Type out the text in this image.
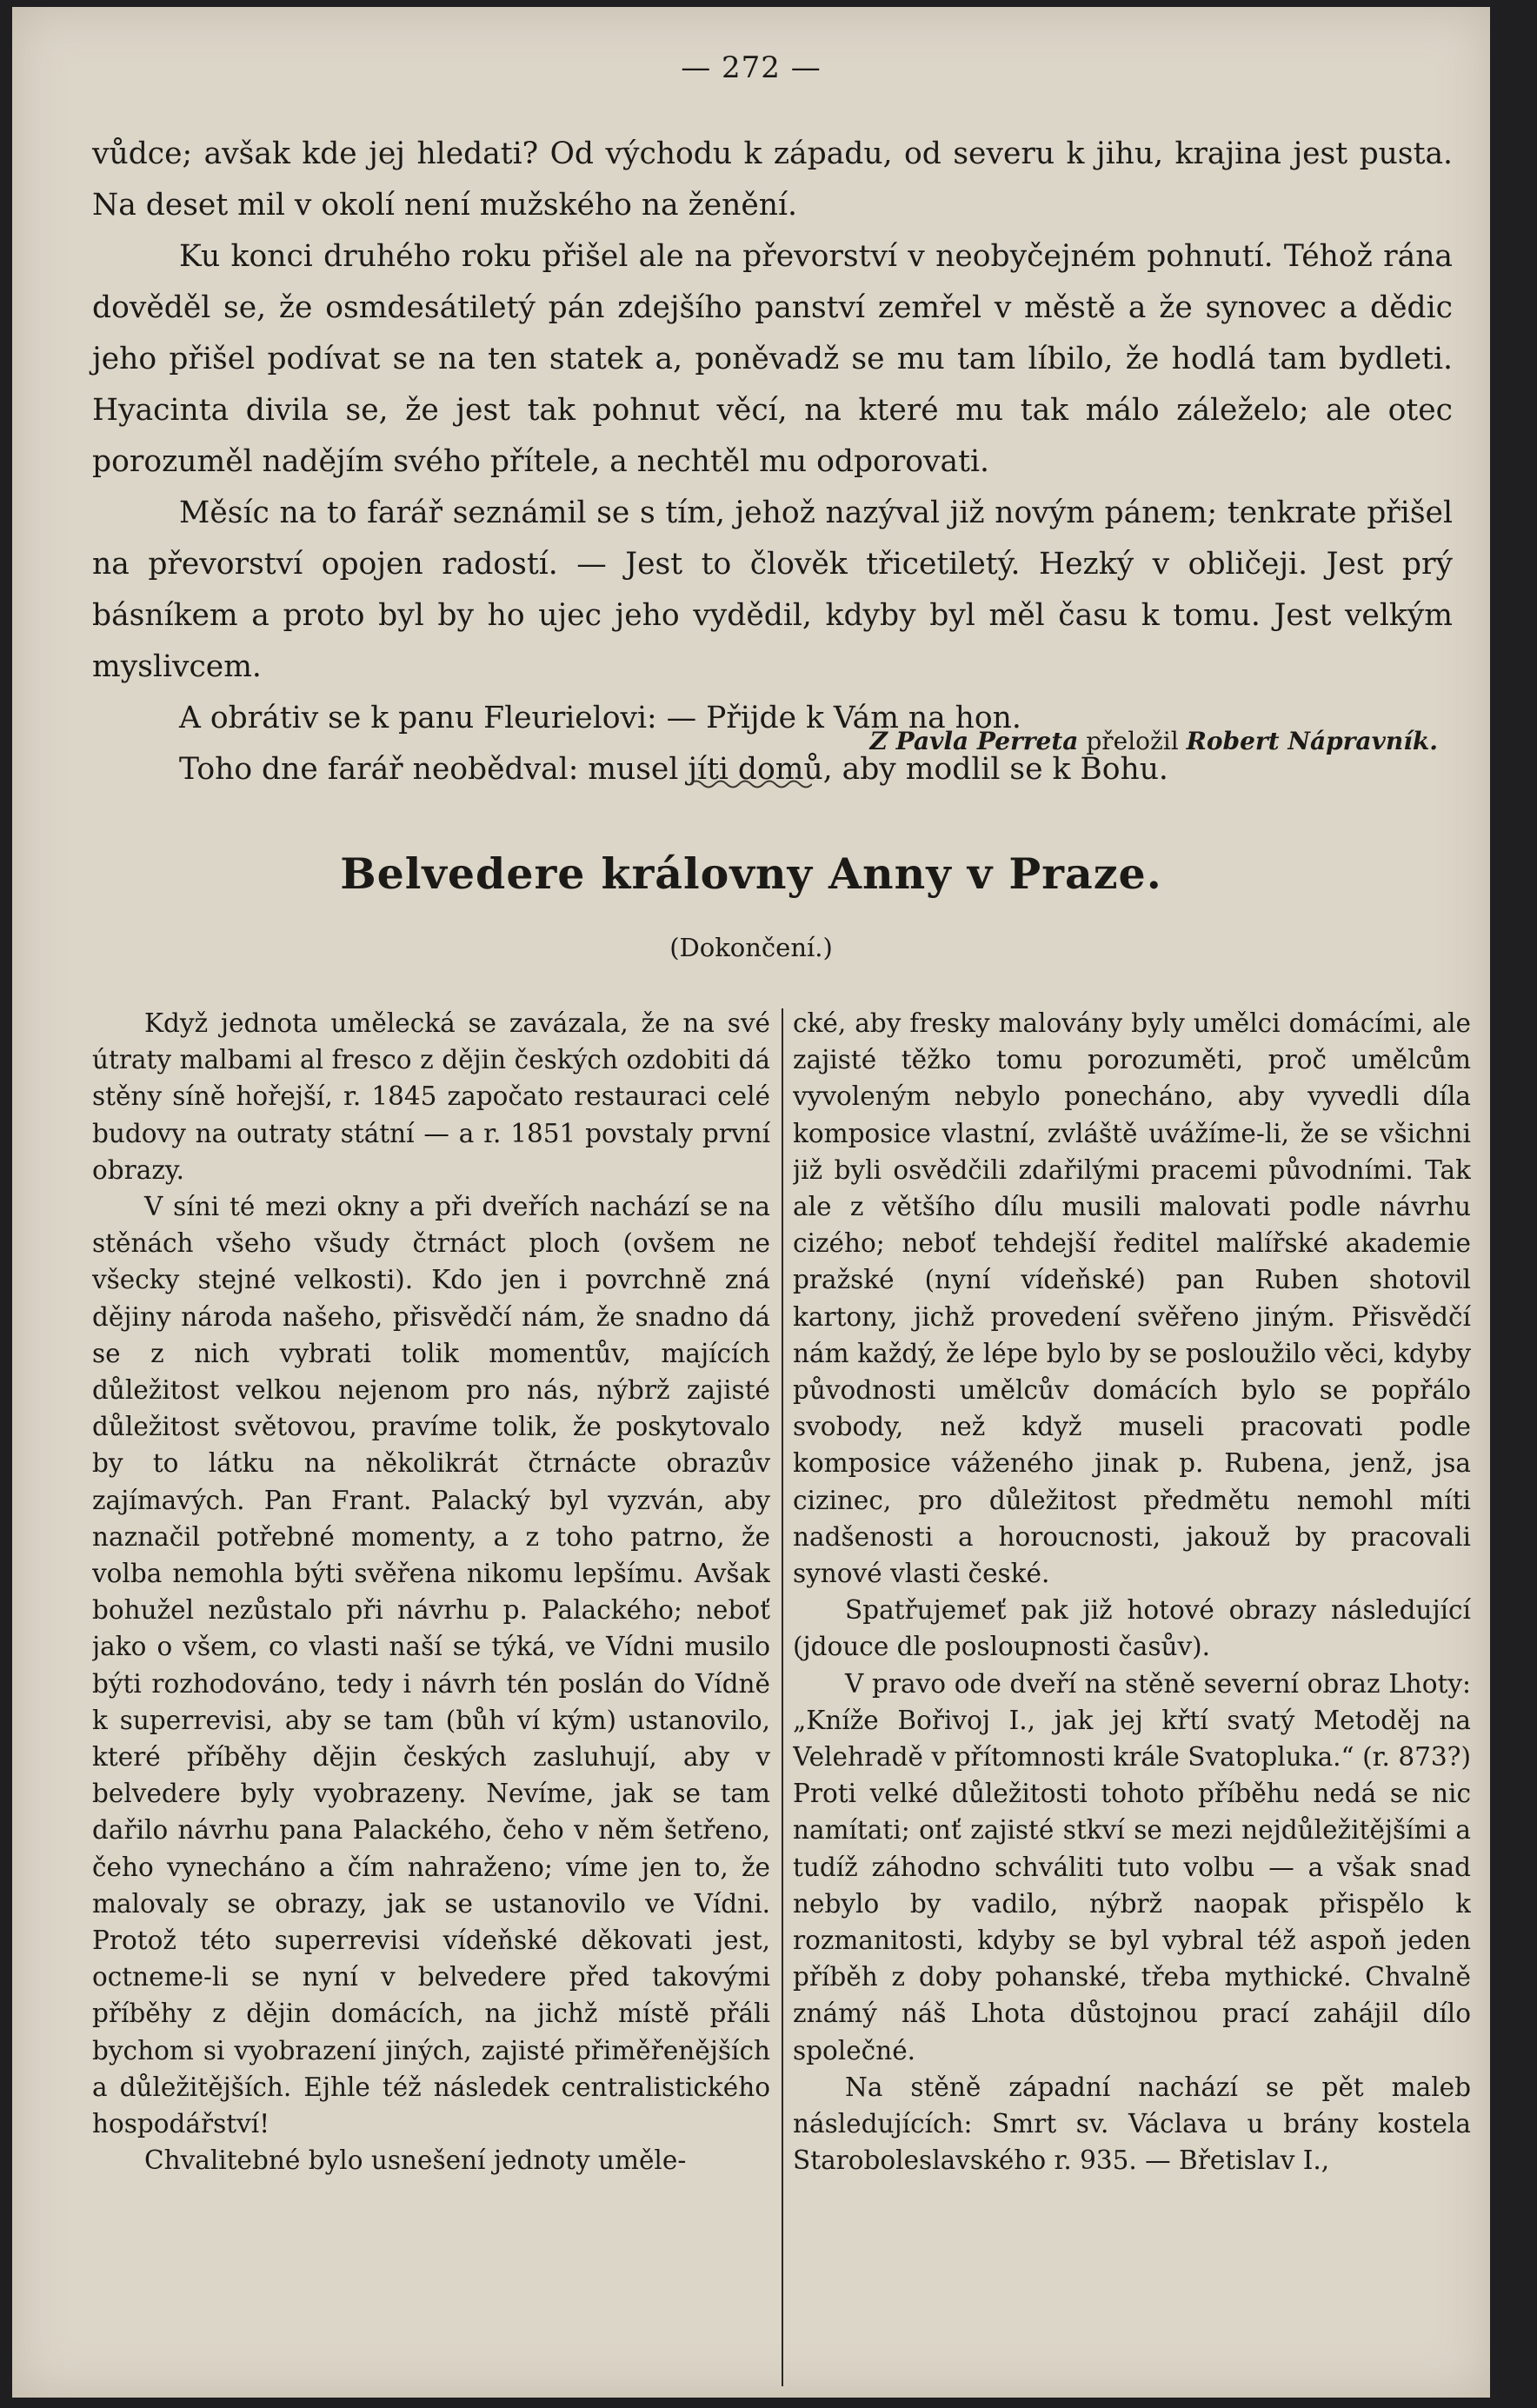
— 272 —

vůdce; avšak kde jej hledati? Od východu k západu, od severu k jihu, krajina jest pusta. Na deset mil v okolí není mužského na ženění.

Ku konci druhého roku přišel ale na převorství v neobyčejném pohnutí. Téhož rána dověděl se, že osmdesátiletý pán zdejšího panství zemřel v městě a že synovec a dědic jeho přišel podívat se na ten statek a, poněvadž se mu tam líbilo, že hodlá tam bydleti. Hyacinta divila se, že jest tak pohnut věcí, na které mu tak málo záleželo; ale otec porozuměl nadějím svého přítele, a nechtěl mu odporovati.

Měsíc na to farář seznámil se s tím, jehož nazýval již novým pánem; tenkrate přišel na převorství opojen radostí. — Jest to člověk třicetiletý. Hezký v obličeji. Jest prý básníkem a proto byl by ho ujec jeho vydědil, kdyby byl měl času k tomu. Jest velkým myslivcem.

A obrátiv se k panu Fleurielovi: — Přijde k Vám na hon.

Toho dne farář neobědval: musel jíti domů, aby modlil se k Bohu.

Z Pavla Perreta přeložil Robert Nápravník.
Belvedere královny Anny v Praze.
(Dokončení.)

Když jednota umělecká se zavázala, že na své útraty malbami al fresco z dějin českých ozdobiti dá stěny síně hořejší, r. 1845 započato restauraci celé budovy na outraty státní — a r. 1851 povstaly první obrazy.

V síni té mezi okny a při dveřích nachází se na stěnách všeho všudy čtrnáct ploch (ovšem ne všecky stejné velkosti). Kdo jen i povrchně zná dějiny národa našeho, přisvědčí nám, že snadno dá se z nich vybrati tolik momentův, majících důležitost velkou nejenom pro nás, nýbrž zajisté důležitost světovou, pravíme tolik, že poskytovalo by to látku na několikrát čtrnácte obrazův zajímavých. Pan Frant. Palacký byl vyzván, aby naznačil potřebné momenty, a z toho patrno, že volba nemohla býti svěřena nikomu lepšímu. Avšak bohužel nezůstalo při návrhu p. Palackého; neboť jako o všem, co vlasti naší se týká, ve Vídni musilo býti rozhodováno, tedy i návrh tén poslán do Vídně k superrevisi, aby se tam (bůh ví kým) ustanovilo, které příběhy dějin českých zasluhují, aby v belvedere byly vyobrazeny. Nevíme, jak se tam dařilo návrhu pana Palackého, čeho v něm šetřeno, čeho vynecháno a čím nahraženo; víme jen to, že malovaly se obrazy, jak se ustanovilo ve Vídni. Protož této superrevisi vídeňské děkovati jest, octneme-li se nyní v belvedere před takovými příběhy z dějin domácích, na jichž místě přáli bychom si vyobrazení jiných, zajisté přiměřenějších a důležitějších. Ejhle též následek centralistického hospodářství!

Chvalitebné bylo usnešení jednoty uměle-

cké, aby fresky malovány byly umělci domácími, ale zajisté těžko tomu porozuměti, proč umělcům vyvoleným nebylo ponecháno, aby vyvedli díla komposice vlastní, zvláště uvážíme-li, že se všichni již byli osvědčili zdařilými pracemi původními. Tak ale z většího dílu musili malovati podle návrhu cizého; neboť tehdejší ředitel malířské akademie pražské (nyní vídeňské) pan Ruben shotovil kartony, jichž provedení svěřeno jiným. Přisvědčí nám každý, že lépe bylo by se posloužilo věci, kdyby původnosti umělcův domácích bylo se popřálo svobody, než když museli pracovati podle komposice váženého jinak p. Rubena, jenž, jsa cizinec, pro důležitost předmětu nemohl míti nadšenosti a horoucnosti, jakouž by pracovali synové vlasti české.

Spatřujemeť pak již hotové obrazy následující (jdouce dle posloupnosti časův).

V pravo ode dveří na stěně severní obraz Lhoty: „Kníže Bořivoj I., jak jej křtí svatý Metoděj na Velehradě v přítomnosti krále Svatopluka.“ (r. 873?) Proti velké důležitosti tohoto příběhu nedá se nic namítati; onť zajisté stkví se mezi nejdůležitějšími a tudíž záhodno schváliti tuto volbu — a však snad nebylo by vadilo, nýbrž naopak přispělo k rozmanitosti, kdyby se byl vybral též aspoň jeden příběh z doby pohanské, třeba mythické. Chvalně známý náš Lhota důstojnou prací zahájil dílo společné.

Na stěně západní nachází se pět maleb následujících: Smrt sv. Václava u brány kostela Staroboleslavského r. 935. — Břetislav I.,
